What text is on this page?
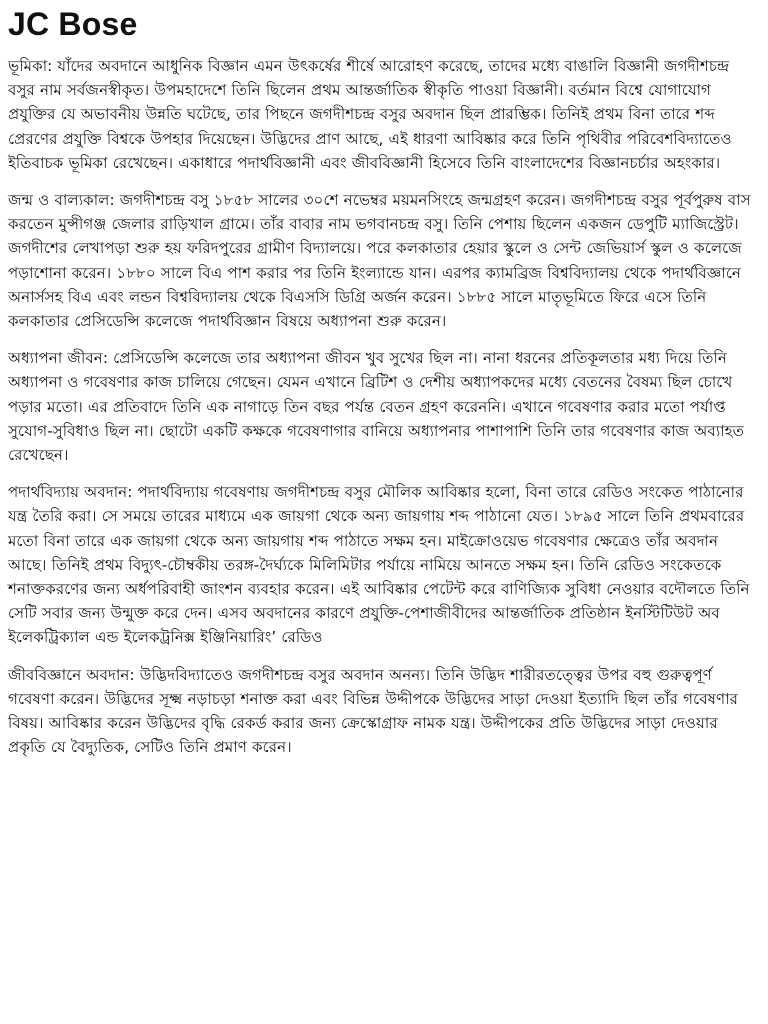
JC Bose

ভূমিকা: যাঁদের অবদানে আধুনিক বিজ্ঞান এমন উৎকর্ষের শীর্ষে আরোহণ করেছে, তাদের মধ্যে বাঙালি বিজ্ঞানী জগদীশচন্দ্র বসুর নাম সর্বজনস্বীকৃত। উপমহাদেশে তিনি ছিলেন প্রথম আন্তর্জাতিক স্বীকৃতি পাওয়া বিজ্ঞানী। বর্তমান বিশ্বে যোগাযোগ প্রযুক্তির যে অভাবনীয় উন্নতি ঘটেছে, তার পিছনে জগদীশচন্দ্র বসুর অবদান ছিল প্রারম্ভিক। তিনিই প্রথম বিনা তারে শব্দ প্রেরণের প্রযুক্তি বিশ্বকে উপহার দিয়েছেন। উদ্ভিদের প্রাণ আছে, এই ধারণা আবিষ্কার করে তিনি পৃথিবীর পরিবেশবিদ্যাতেও ইতিবাচক ভূমিকা রেখেছেন। একাধারে পদার্থবিজ্ঞানী এবং জীববিজ্ঞানী হিসেবে তিনি বাংলাদেশের বিজ্ঞানচর্চার অহংকার।

জন্ম ও বাল্যকাল: জগদীশচন্দ্র বসু ১৮৫৮ সালের ৩০শে নভেম্বর ময়মনসিংহে জন্মগ্রহণ করেন। জগদীশচন্দ্র বসুর পূর্বপুরুষ বাস করতেন মুন্সীগঞ্জ জেলার রাড়িখাল গ্রামে। তাঁর বাবার নাম ভগবানচন্দ্র বসু। তিনি পেশায় ছিলেন একজন ডেপুটি ম্যাজিস্ট্রেট। জগদীশের লেখাপড়া শুরু হয় ফরিদপুরের গ্রামীণ বিদ্যালয়ে। পরে কলকাতার হেয়ার স্কুলে ও সেন্ট জেভিয়ার্স স্কুল ও কলেজে পড়াশোনা করেন। ১৮৮০ সালে বিএ পাশ করার পর তিনি ইংল্যান্ডে যান। এরপর ক্যামব্রিজ বিশ্ববিদ্যালয় থেকে পদার্থবিজ্ঞানে অনার্সসহ বিএ এবং লন্ডন বিশ্ববিদ্যালয় থেকে বিএসসি ডিগ্রি অর্জন করেন। ১৮৮৫ সালে মাতৃভূমিতে ফিরে এসে তিনি কলকাতার প্রেসিডেন্সি কলেজে পদার্থবিজ্ঞান বিষয়ে অধ্যাপনা শুরু করেন।

অধ্যাপনা জীবন: প্রেসিডেন্সি কলেজে তার অধ্যাপনা জীবন খুব সুখের ছিল না। নানা ধরনের প্রতিকূলতার মধ্য দিয়ে তিনি অধ্যাপনা ও গবেষণার কাজ চালিয়ে গেছেন। যেমন এখানে ব্রিটিশ ও দেশীয় অধ্যাপকদের মধ্যে বেতনের বৈষম্য ছিল চোখে পড়ার মতো। এর প্রতিবাদে তিনি এক নাগাড়ে তিন বছর পর্যন্ত বেতন গ্রহণ করেননি। এখানে গবেষণার করার মতো পর্যাপ্ত সুযোগ-সুবিধাও ছিল না। ছোটো একটি কক্ষকে গবেষণাগার বানিয়ে অধ্যাপনার পাশাপাশি তিনি তার গবেষণার কাজ অব্যাহত রেখেছেন।

পদার্থবিদ্যায় অবদান: পদার্থবিদ্যায় গবেষণায় জগদীশচন্দ্র বসুর মৌলিক আবিষ্কার হলো, বিনা তারে রেডিও সংকেত পাঠানোর যন্ত্র তৈরি করা। সে সময়ে তারের মাধ্যমে এক জায়গা থেকে অন্য জায়গায় শব্দ পাঠানো যেত। ১৮৯৫ সালে তিনি প্রথমবারের মতো বিনা তারে এক জায়গা থেকে অন্য জায়গায় শব্দ পাঠাতে সক্ষম হন। মাইক্রোওয়েভ গবেষণার ক্ষেত্রেও তাঁর অবদান আছে। তিনিই প্রথম বিদ্যুৎ-চৌম্বকীয় তরঙ্গ-দৈর্ঘ্যকে মিলিমিটার পর্যায়ে নামিয়ে আনতে সক্ষম হন। তিনি রেডিও সংকেতকে শনাক্তকরণের জন্য অর্ধপরিবাহী জাংশন ব্যবহার করেন। এই আবিষ্কার পেটেন্ট করে বাণিজ্যিক সুবিধা নেওয়ার বদৌলতে তিনি সেটি সবার জন্য উন্মুক্ত করে দেন। এসব অবদানের কারণে প্রযুক্তি-পেশাজীবীদের আন্তর্জাতিক প্রতিষ্ঠান ইনস্টিটিউট অব ইলেকট্রিক্যাল এন্ড ইলেকট্রনিক্স ইঞ্জিনিয়ারিং’ রেডিও

জীববিজ্ঞানে অবদান: উদ্ভিদবিদ্যাতেও জগদীশচন্দ্র বসুর অবদান অনন্য। তিনি উদ্ভিদ শারীরতত্ত্বের উপর বহু গুরুত্বপূর্ণ গবেষণা করেন। উদ্ভিদের সূক্ষ্ম নড়াচড়া শনাক্ত করা এবং বিভিন্ন উদ্দীপকে উদ্ভিদের সাড়া দেওয়া ইত্যাদি ছিল তাঁর গবেষণার বিষয়। আবিষ্কার করেন উদ্ভিদের বৃদ্ধি রেকর্ড করার জন্য ক্রেস্কোগ্রাফ নামক যন্ত্র। উদ্দীপকের প্রতি উদ্ভিদের সাড়া দেওয়ার প্রকৃতি যে বৈদ্যুতিক, সেটিও তিনি প্রমাণ করেন।
